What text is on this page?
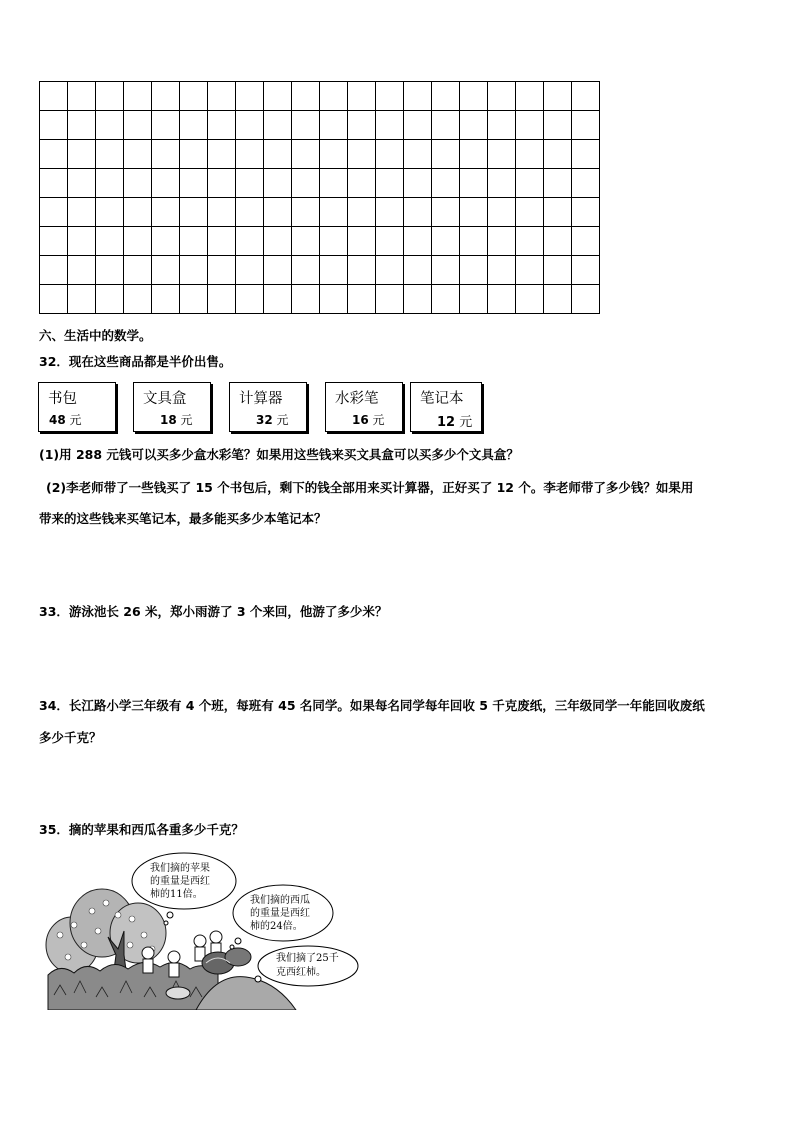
六、生活中的数学。
32．现在这些商品都是半价出售。
书包
48 元
文具盒
18 元
计算器
32 元
水彩笔
16 元
笔记本
12 元
(1)用 288 元钱可以买多少盒水彩笔？如果用这些钱来买文具盒可以买多少个文具盒？
(2)李老师带了一些钱买了 15 个书包后，剩下的钱全部用来买计算器，正好买了 12 个。李老师带了多少钱？如果用
带来的这些钱来买笔记本，最多能买多少本笔记本？
33．游泳池长 26 米，郑小雨游了 3 个来回，他游了多少米？
34．长江路小学三年级有 4 个班，每班有 45 名同学。如果每名同学每年回收 5 千克废纸，三年级同学一年能回收废纸
多少千克？
35．摘的苹果和西瓜各重多少千克？
我们摘的苹果
的重量是西红
柿的11倍。
我们摘的西瓜
的重量是西红
柿的24倍。
我们摘了25千
克西红柿。
